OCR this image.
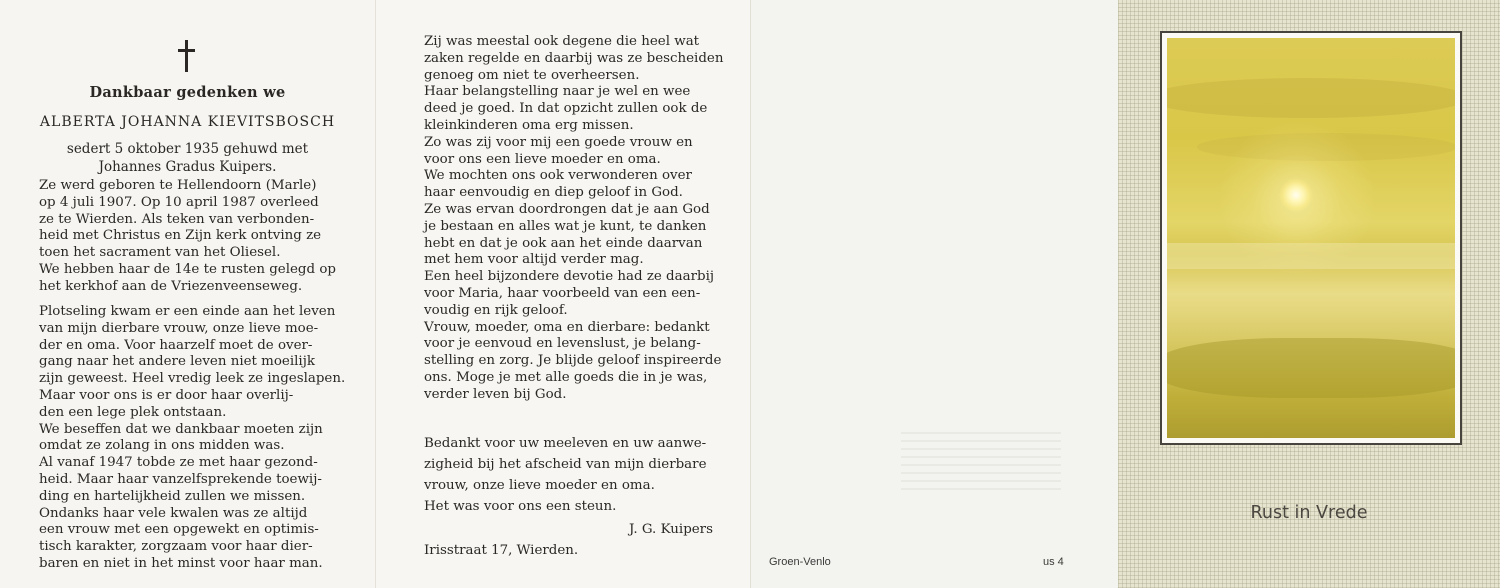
Dankbaar gedenken we
ALBERTA JOHANNA KIEVITSBOSCH
sedert 5 oktober 1935 gehuwd met
Johannes Gradus Kuipers.
Ze werd geboren te Hellendoorn (Marle)
op 4 juli 1907. Op 10 april 1987 overleed
ze te Wierden. Als teken van verbonden-
heid met Christus en Zijn kerk ontving ze
toen het sacrament van het Oliesel.
We hebben haar de 14e te rusten gelegd op
het kerkhof aan de Vriezenveenseweg.
Plotseling kwam er een einde aan het leven
van mijn dierbare vrouw, onze lieve moe-
der en oma. Voor haarzelf moet de over-
gang naar het andere leven niet moeilijk
zijn geweest. Heel vredig leek ze ingeslapen.
Maar voor ons is er door haar overlij-
den een lege plek ontstaan.
We beseffen dat we dankbaar moeten zijn
omdat ze zolang in ons midden was.
Al vanaf 1947 tobde ze met haar gezond-
heid. Maar haar vanzelfsprekende toewij-
ding en hartelijkheid zullen we missen.
Ondanks haar vele kwalen was ze altijd
een vrouw met een opgewekt en optimis-
tisch karakter, zorgzaam voor haar dier-
baren en niet in het minst voor haar man.
Zij was meestal ook degene die heel wat
zaken regelde en daarbij was ze bescheiden
genoeg om niet te overheersen.
Haar belangstelling naar je wel en wee
deed je goed. In dat opzicht zullen ook de
kleinkinderen oma erg missen.
Zo was zij voor mij een goede vrouw en
voor ons een lieve moeder en oma.
We mochten ons ook verwonderen over
haar eenvoudig en diep geloof in God.
Ze was ervan doordrongen dat je aan God
je bestaan en alles wat je kunt, te danken
hebt en dat je ook aan het einde daarvan
met hem voor altijd verder mag.
Een heel bijzondere devotie had ze daarbij
voor Maria, haar voorbeeld van een een-
voudig en rijk geloof.
Vrouw, moeder, oma en dierbare: bedankt
voor je eenvoud en levenslust, je belang-
stelling en zorg. Je blijde geloof inspireerde
ons. Moge je met alle goeds die in je was,
verder leven bij God.
Bedankt voor uw meeleven en uw aanwe-
zigheid bij het afscheid van mijn dierbare
vrouw, onze lieve moeder en oma.
Het was voor ons een steun.
J. G. Kuipers
Irisstraat 17, Wierden.
Groen-Venlo	us 4
Rust in Vrede
